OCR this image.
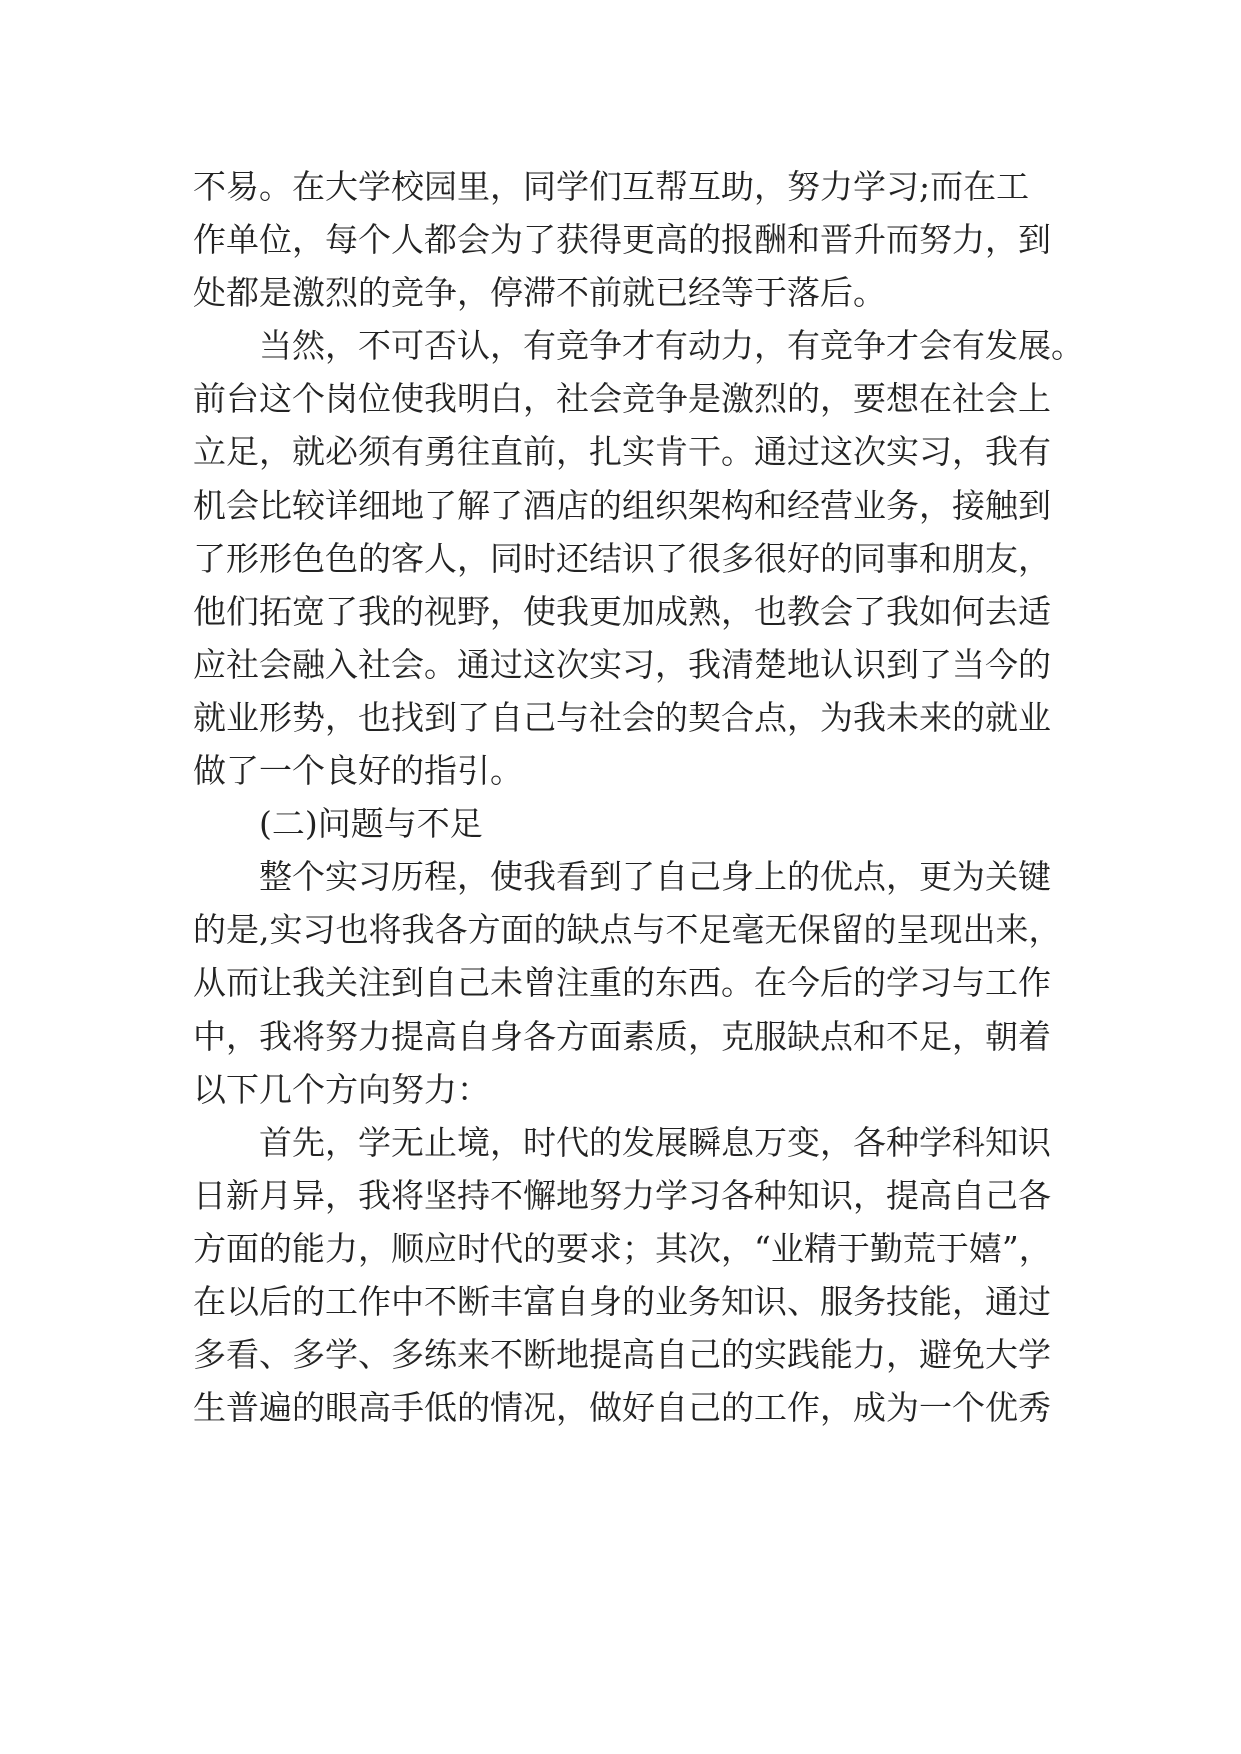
不易。在大学校园里，同学们互帮互助，努力学习;而在工
作单位，每个人都会为了获得更高的报酬和晋升而努力，到
处都是激烈的竞争，停滞不前就已经等于落后。
当然，不可否认，有竞争才有动力，有竞争才会有发展。
前台这个岗位使我明白，社会竞争是激烈的，要想在社会上
立足，就必须有勇往直前，扎实肯干。通过这次实习，我有
机会比较详细地了解了酒店的组织架构和经营业务，接触到
了形形色色的客人，同时还结识了很多很好的同事和朋友，
他们拓宽了我的视野，使我更加成熟，也教会了我如何去适
应社会融入社会。通过这次实习，我清楚地认识到了当今的
就业形势，也找到了自己与社会的契合点，为我未来的就业
做了一个良好的指引。
(二)问题与不足
整个实习历程，使我看到了自己身上的优点，更为关键
的是,实习也将我各方面的缺点与不足毫无保留的呈现出来，
从而让我关注到自己未曾注重的东西。在今后的学习与工作
中，我将努力提高自身各方面素质，克服缺点和不足，朝着
以下几个方向努力：
首先，学无止境，时代的发展瞬息万变，各种学科知识
日新月异，我将坚持不懈地努力学习各种知识，提高自己各
方面的能力，顺应时代的要求；其次，“业精于勤荒于嬉”，
在以后的工作中不断丰富自身的业务知识、服务技能，通过
多看、多学、多练来不断地提高自己的实践能力，避免大学
生普遍的眼高手低的情况，做好自己的工作，成为一个优秀
